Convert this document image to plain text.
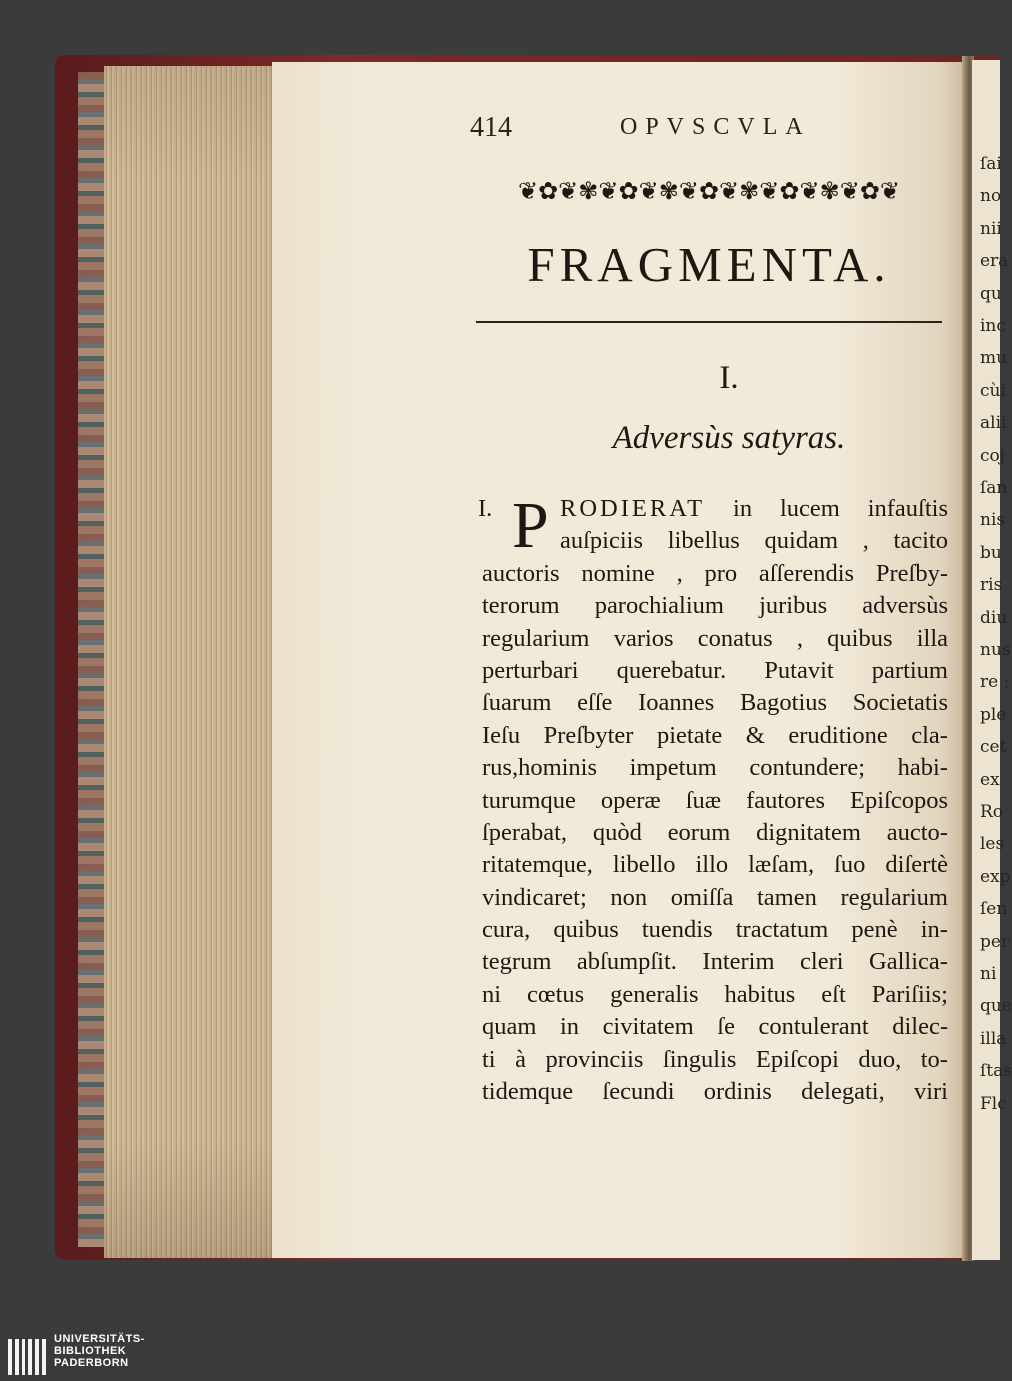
ſai
no
nii
era
qu
inc
mu
cùi
alii
coj
ſan
nis
bu
ris
diu
nus
re ;
ple
cet
ex
Ro
les
exp
ſen
per
ni
que
illa
ſtas
Flc
414	OPVSCVLA
❦✿❦✾❦✿❦✾❦✿❦✾❦✿❦✾❦✿❦
FRAGMENTA.
I.
Adversùs satyras.
I. P RODIERAT in lucem infauſtis
auſpiciis libellus quidam , tacito
auctoris nomine , pro aſſerendis Preſby-
terorum parochialium juribus adversùs
regularium varios conatus , quibus illa
perturbari querebatur. Putavit partium
ſuarum eſſe Ioannes Bagotius Societatis
Ieſu Preſbyter pietate & eruditione cla-
rus,hominis impetum contundere; habi-
turumque operæ ſuæ fautores Epiſcopos
ſperabat, quòd eorum dignitatem aucto-
ritatemque, libello illo læſam, ſuo diſertè
vindicaret; non omiſſa tamen regularium
cura, quibus tuendis tractatum penè in-
tegrum abſumpſit. Interim cleri Gallica-
ni cœtus generalis habitus eſt Pariſiis;
quam in civitatem ſe contulerant dilec-
ti à provinciis ſingulis Epiſcopi duo, to-
tidemque ſecundi ordinis delegati, viri
UNIVERSITÄTS-
BIBLIOTHEK
PADERBORN
